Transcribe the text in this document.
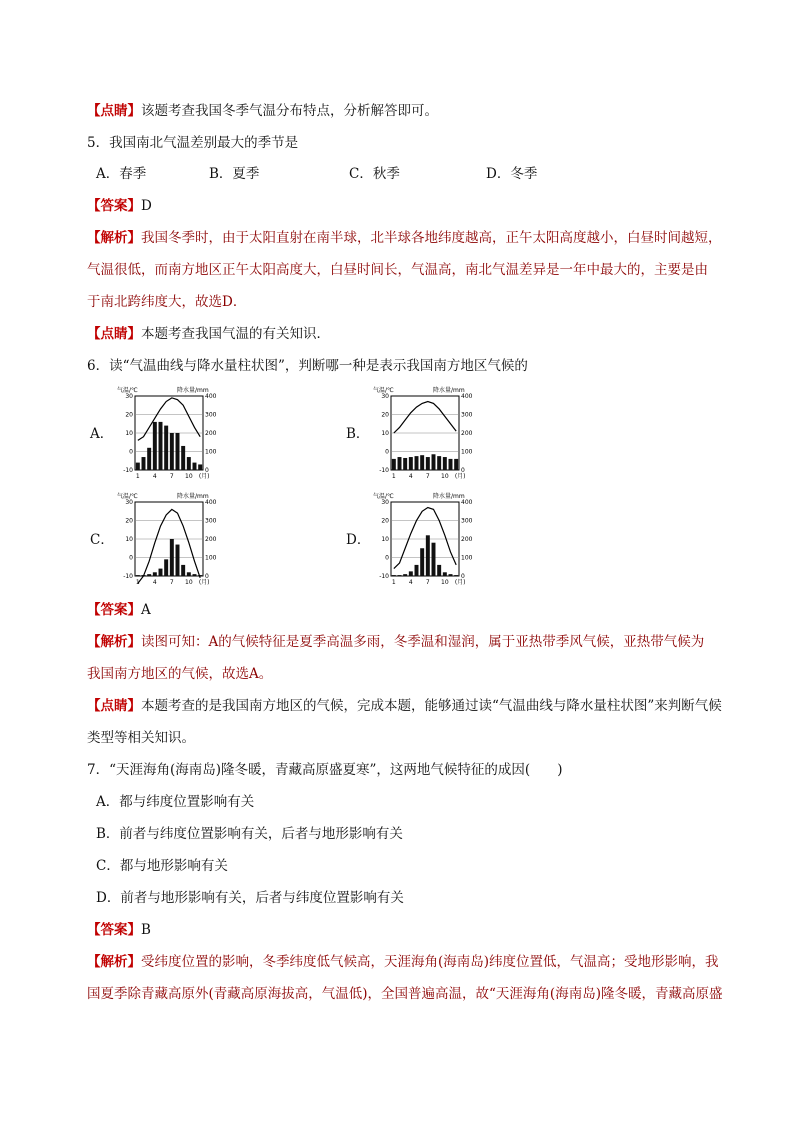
【点睛】该题考查我国冬季气温分布特点，分析解答即可。
5．我国南北气温差别最大的季节是
A．春季	B．夏季	C．秋季	D．冬季
【答案】D
【解析】我国冬季时，由于太阳直射在南半球，北半球各地纬度越高，正午太阳高度越小，白昼时间越短，
气温很低，而南方地区正午太阳高度大，白昼时间长，气温高，南北气温差异是一年中最大的，主要是由
于南北跨纬度大，故选D．
【点睛】本题考查我国气温的有关知识．
6．读“气温曲线与降水量柱状图”，判断哪一种是表示我国南方地区气候的
A．
气温/℃	降水量/mm
30
20
10
0
-10
400
300
200
100
0
1 4 7 10 (月)
B．
气温/℃	降水量/mm
30
20
10
0
-10
400
300
200
100
0
1 4 7 10 (月)
C．
气温/℃	降水量/mm
30
20
10
0
-10
400
300
200
100
0
1 4 7 10 (月)
D．
气温/℃	降水量/mm
30
20
10
0
-10
400
300
200
100
0
1 4 7 10 (月)
【答案】A
【解析】读图可知：A的气候特征是夏季高温多雨，冬季温和湿润，属于亚热带季风气候，亚热带气候为
我国南方地区的气候，故选A。
【点睛】本题考查的是我国南方地区的气候，完成本题，能够通过读“气温曲线与降水量柱状图”来判断气候
类型等相关知识。
7．“天涯海角(海南岛)隆冬暖，青藏高原盛夏寒”，这两地气候特征的成因(　　)
A．都与纬度位置影响有关
B．前者与纬度位置影响有关，后者与地形影响有关
C．都与地形影响有关
D．前者与地形影响有关，后者与纬度位置影响有关
【答案】B
【解析】受纬度位置的影响，冬季纬度低气候高，天涯海角(海南岛)纬度位置低，气温高；受地形影响，我
国夏季除青藏高原外(青藏高原海拔高，气温低)，全国普遍高温，故“天涯海角(海南岛)隆冬暖，青藏高原盛
